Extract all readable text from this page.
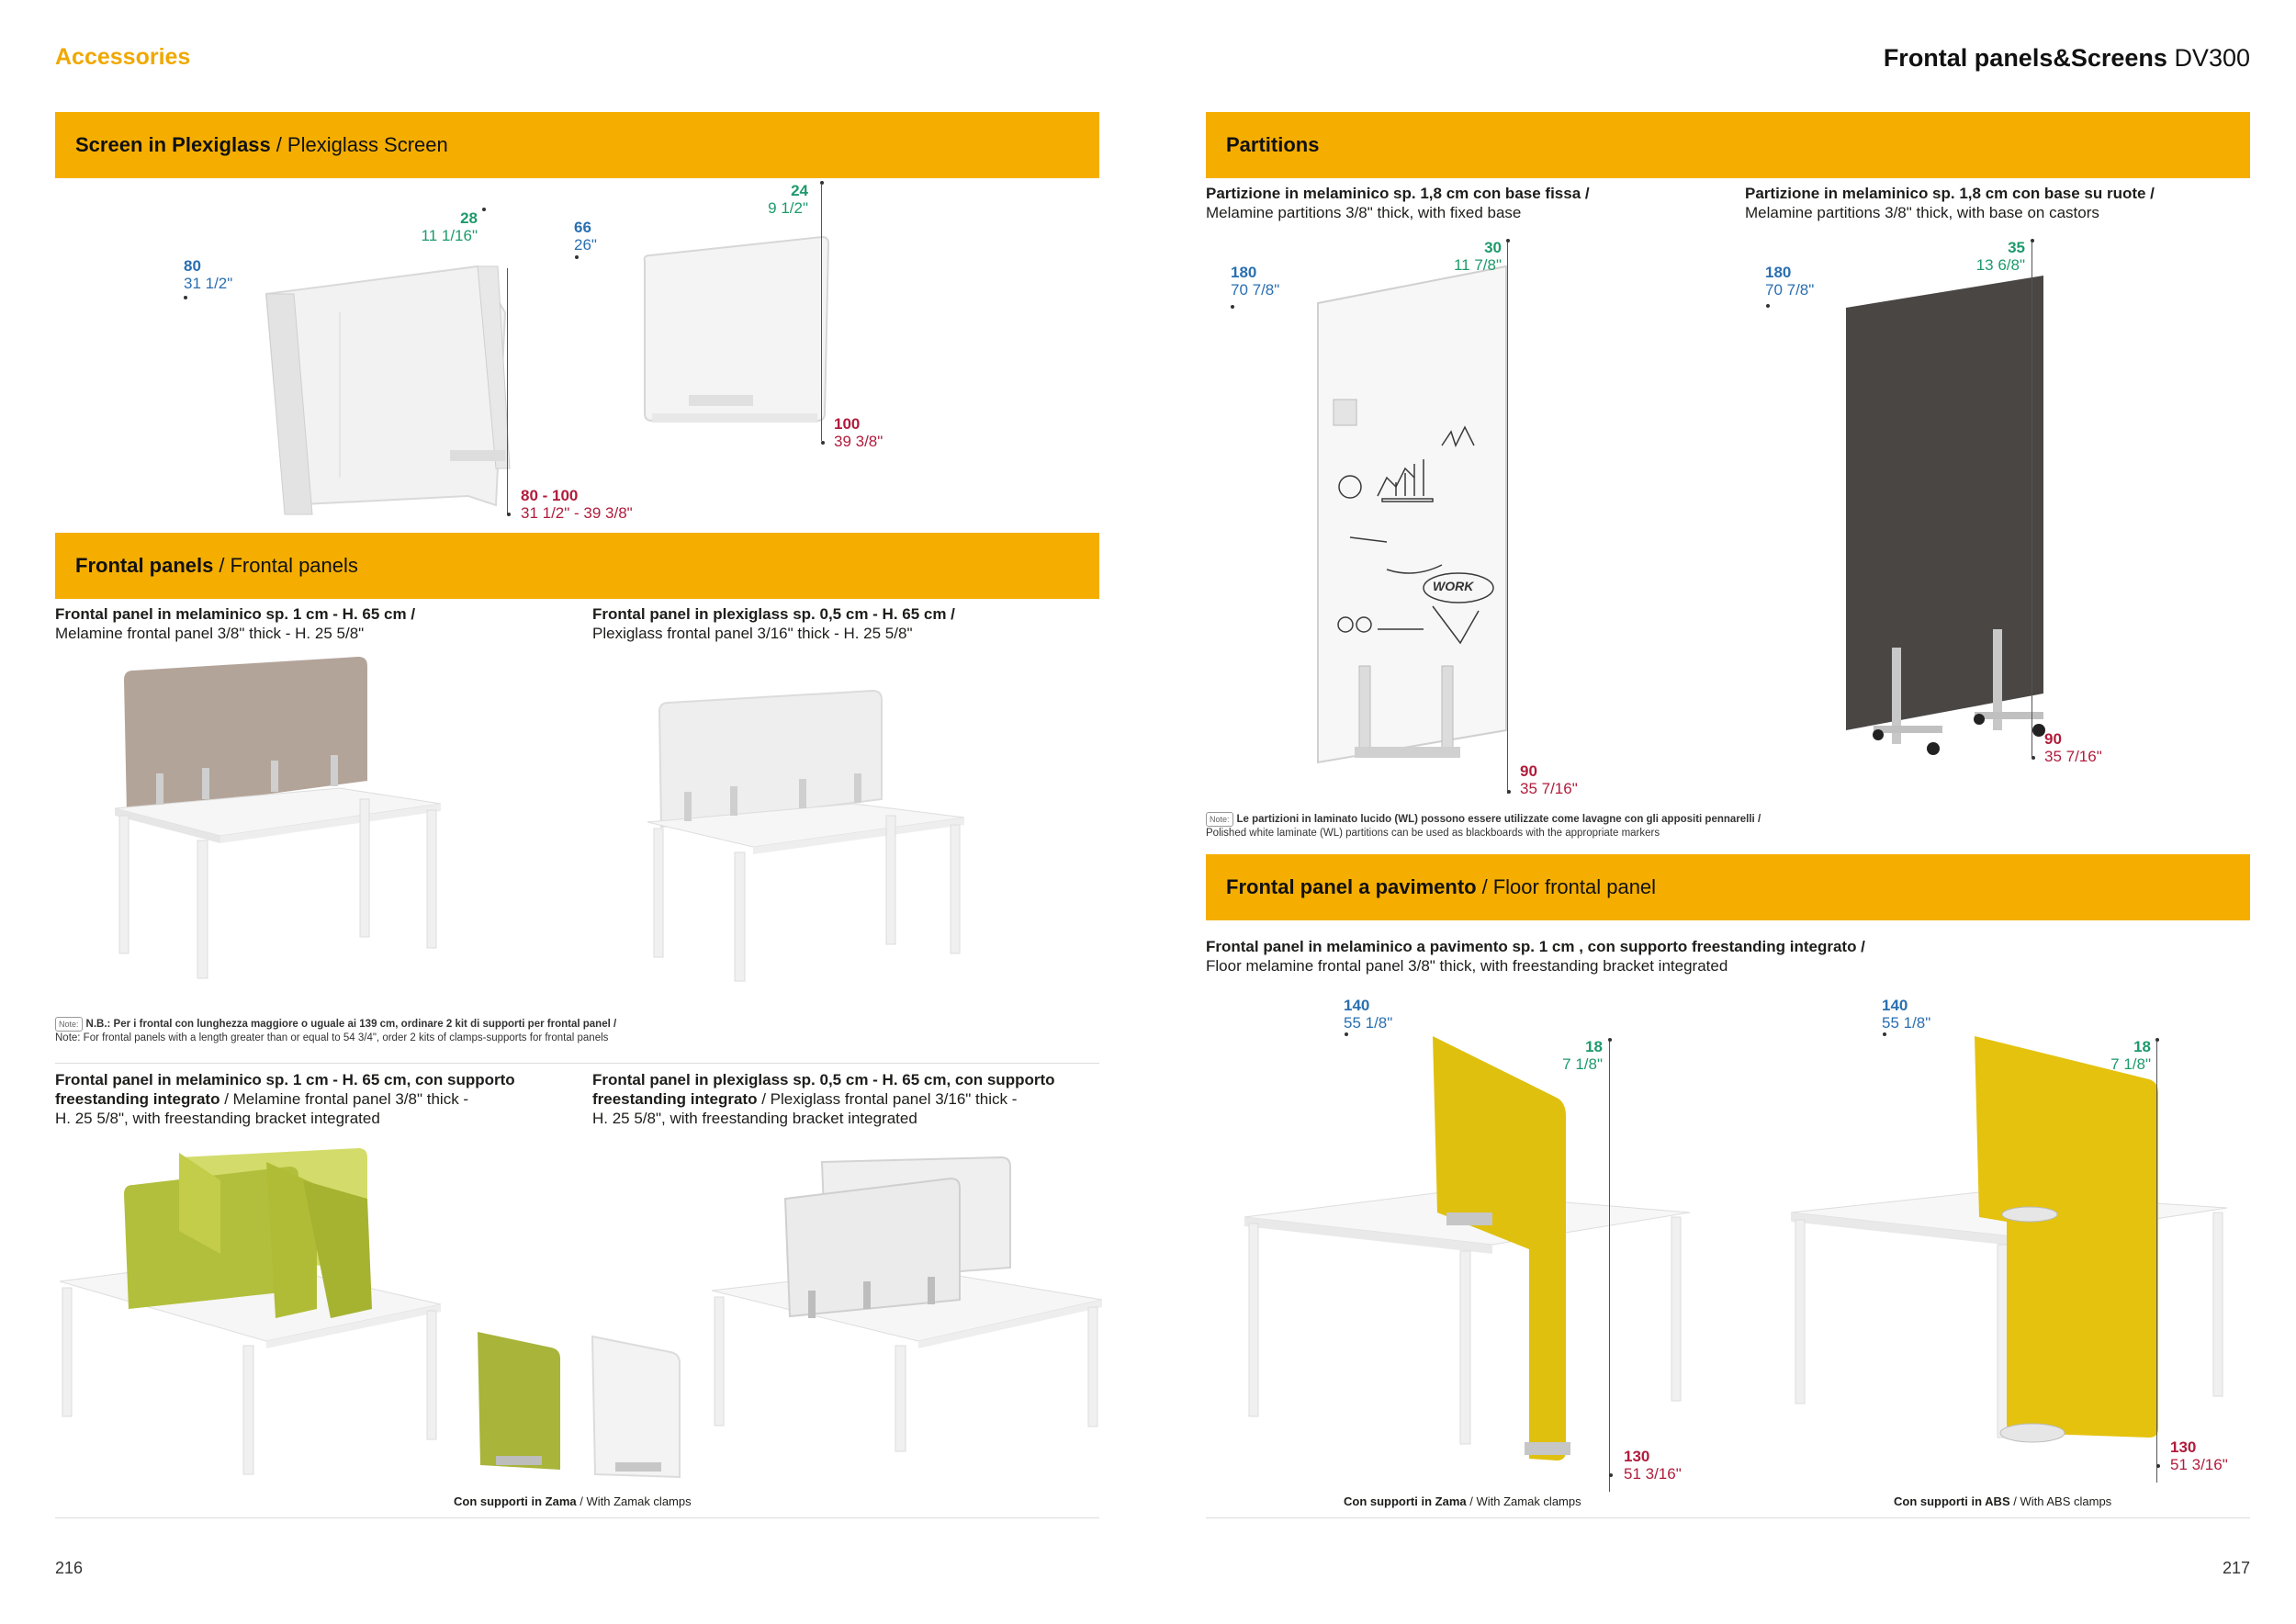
Accessories	Frontal panels&Screens DV300
Screen in Plexiglass / Plexiglass Screen
80
31 1/2"
28
11 1/16"
80 - 100
31 1/2" - 39 3/8"
66
26"
24
9 1/2"
100
39 3/8"
Frontal panels / Frontal panels
Frontal panel in melaminico sp. 1 cm - H. 65 cm /
Melamine frontal panel 3/8" thick - H. 25 5/8"
Frontal panel in plexiglass sp. 0,5 cm - H. 65 cm /
Plexiglass frontal panel 3/16" thick - H. 25 5/8"
Note: N.B.: Per i frontal con lunghezza maggiore o uguale ai 139 cm, ordinare 2 kit di supporti per frontal panel /
Note: For frontal panels with a length greater than or equal to 54 3/4", order 2 kits of clamps-supports for frontal panels
Frontal panel in melaminico sp. 1 cm - H. 65 cm, con supporto
freestanding integrato / Melamine frontal panel 3/8" thick -
H. 25 5/8", with freestanding bracket integrated
Frontal panel in plexiglass sp. 0,5 cm - H. 65 cm, con supporto
freestanding integrato / Plexiglass frontal panel 3/16" thick -
H. 25 5/8", with freestanding bracket integrated
Con supporti in Zama / With Zamak clamps
216
Partitions
Partizione in melaminico sp. 1,8 cm con base fissa /
Melamine partitions 3/8" thick, with fixed base
Partizione in melaminico sp. 1,8 cm con base su ruote /
Melamine partitions 3/8" thick, with base on castors
WORK
180
70 7/8"
30
11 7/8"
90
35 7/16"
180
70 7/8"
35
13 6/8"
90
35 7/16"
Note: Le partizioni in laminato lucido (WL) possono essere utilizzate come lavagne con gli appositi pennarelli /
Polished white laminate (WL) partitions can be used as blackboards with the appropriate markers
Frontal panel a pavimento / Floor frontal panel
Frontal panel in melaminico a pavimento sp. 1 cm , con supporto freestanding integrato /
Floor melamine frontal panel 3/8" thick, with freestanding bracket integrated
140
55 1/8"
18
7 1/8"
130
51 3/16"
140
55 1/8"
18
7 1/8"
130
51 3/16"
Con supporti in Zama / With Zamak clamps	Con supporti in ABS / With ABS clamps
217
